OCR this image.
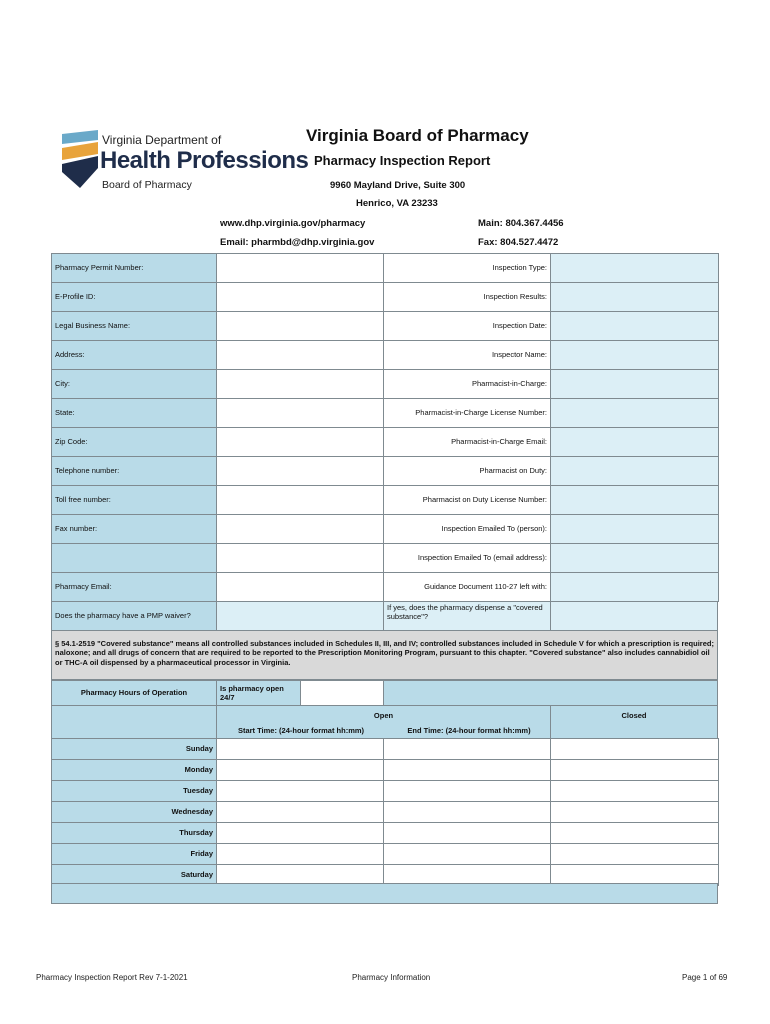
Virginia Department of
Health Professions
Board of Pharmacy
Virginia Board of Pharmacy
Pharmacy Inspection Report
9960 Mayland Drive, Suite 300
Henrico, VA 23233
www.dhp.virginia.gov/pharmacy
Email: pharmbd@dhp.virginia.gov
Main: 804.367.4456
Fax: 804.527.4472
Pharmacy Permit Number:	Inspection Type:
E-Profile ID:	Inspection Results:
Legal Business Name:	Inspection Date:
Address:	Inspector Name:
City:	Pharmacist-in-Charge:
State:	Pharmacist-in-Charge License Number:
Zip Code:	Pharmacist-in-Charge Email:
Telephone number:	Pharmacist on Duty:
Toll free number:	Pharmacist on Duty License Number:
Fax number:	Inspection Emailed To (person):
Inspection Emailed To (email address):
Pharmacy Email:	Guidance Document 110-27 left with:
Does the pharmacy have a PMP waiver?
If yes, does the pharmacy dispense a "covered substance"?
§ 54.1-2519 "Covered substance" means all controlled substances included in Schedules II, III, and IV; controlled substances included in Schedule V for which a prescription is required; naloxone; and all drugs of concern that are required to be reported to the Prescription Monitoring Program, pursuant to this chapter. "Covered substance" also includes cannabidiol oil or THC-A oil dispensed by a pharmaceutical processor in Virginia.
Pharmacy Hours of Operation
Is pharmacy open 24/7
Open
Start Time: (24-hour format hh:mm)	End Time: (24-hour format hh:mm)
Closed
Sunday
Monday
Tuesday
Wednesday
Thursday
Friday
Saturday
Pharmacy Inspection Report Rev 7-1-2021	Pharmacy Information	Page 1 of 69
